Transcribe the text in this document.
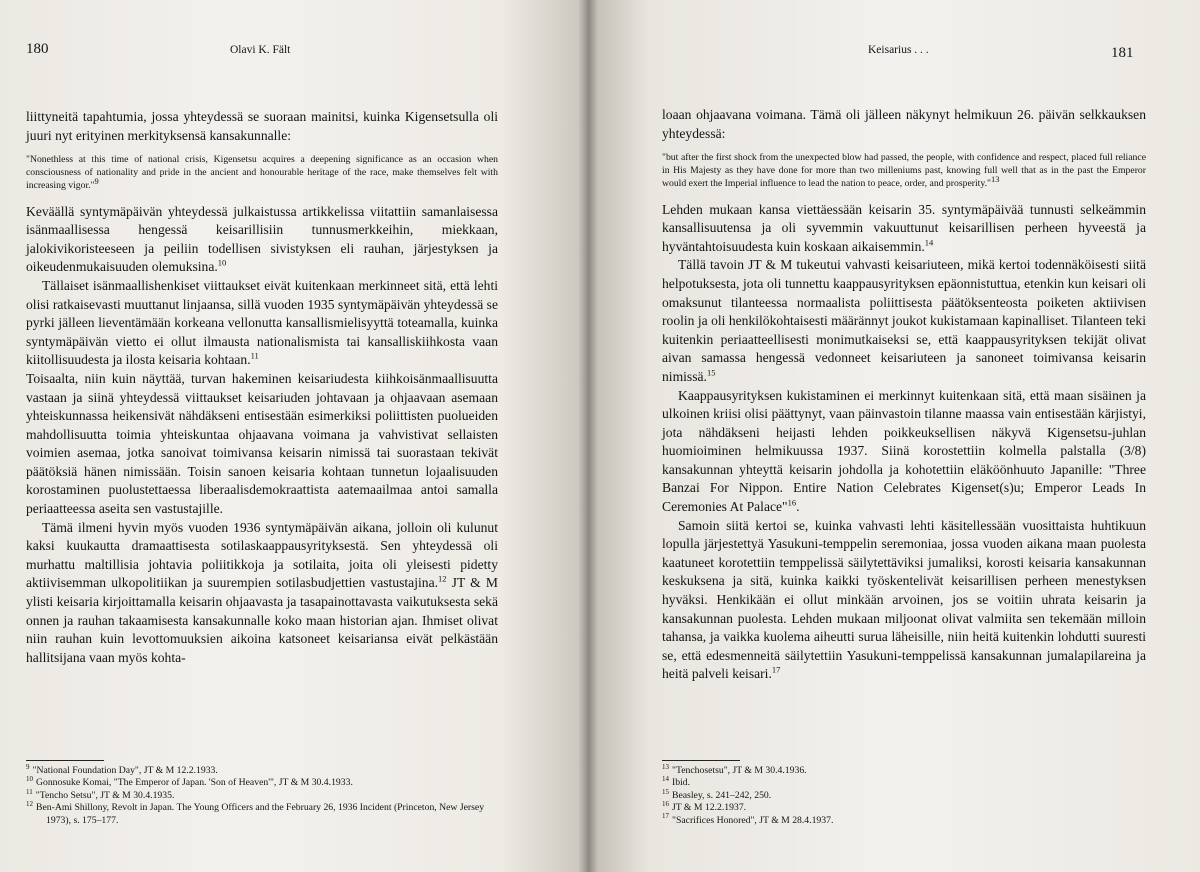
180	Olavi K. Fält

liittyneitä tapahtumia, jossa yhteydessä se suoraan mainitsi, kuinka Kigensetsulla oli juuri nyt erityinen merkityksensä kansakunnalle:

"Nonethless at this time of national crisis, Kigensetsu acquires a deepening significance as an occasion when consciousness of nationality and pride in the ancient and honourable heritage of the race, make themselves felt with increasing vigor."$^9$

Keväällä syntymäpäivän yhteydessä julkaistussa artikkelissa viitattiin samanlaisessa isänmaallisessa hengessä keisarillisiin tunnusmerkkeihin, miekkaan, jalokivikoristeeseen ja peiliin todellisen sivistyksen eli rauhan, järjestyksen ja oikeudenmukaisuuden olemuksina.$^{10}$

Tällaiset isänmaallishenkiset viittaukset eivät kuitenkaan merkinneet sitä, että lehti olisi ratkaisevasti muuttanut linjaansa, sillä vuoden 1935 syntymäpäivän yhteydessä se pyrki jälleen lieventämään korkeana vellonutta kansallismielisyyttä toteamalla, kuinka syntymäpäivän vietto ei ollut ilmausta nationalismista tai kansalliskiihkosta vaan kiitollisuudesta ja ilosta keisaria kohtaan.$^{11}$

Toisaalta, niin kuin näyttää, turvan hakeminen keisariudesta kiihkoisänmaallisuutta vastaan ja siinä yhteydessä viittaukset keisariuden johtavaan ja ohjaavaan asemaan yhteiskunnassa heikensivät nähdäkseni entisestään esimerkiksi poliittisten puolueiden mahdollisuutta toimia yhteiskuntaa ohjaavana voimana ja vahvistivat sellaisten voimien asemaa, jotka sanoivat toimivansa keisarin nimissä tai suorastaan tekivät päätöksiä hänen nimissään. Toisin sanoen keisaria kohtaan tunnetun lojaalisuuden korostaminen puolustettaessa liberaalisdemokraattista aatemaailmaa antoi samalla periaatteessa aseita sen vastustajille.

Tämä ilmeni hyvin myös vuoden 1936 syntymäpäivän aikana, jolloin oli kulunut kaksi kuukautta dramaattisesta sotilaskaappausyrityksestä. Sen yhteydessä oli murhattu maltillisia johtavia poliitikkoja ja sotilaita, joita oli yleisesti pidetty aktiivisemman ulkopolitiikan ja suurempien sotilasbudjettien vastustajina.$^{12}$ JT & M ylisti keisaria kirjoittamalla keisarin ohjaavasta ja tasapainottavasta vaikutuksesta sekä onnen ja rauhan takaamisesta kansakunnalle koko maan historian ajan. Ihmiset olivat niin rauhan kuin levottomuuksien aikoina katsoneet keisariansa eivät pelkästään hallitsijana vaan myös kohta-

$^9$ "National Foundation Day", JT & M 12.2.1933.
$^{10}$ Gonnosuke Komai, "The Emperor of Japan. 'Son of Heaven'", JT & M 30.4.1933.
$^{11}$ "Tencho Setsu", JT & M 30.4.1935.
$^{12}$ Ben-Ami Shillony, Revolt in Japan. The Young Officers and the February 26, 1936 Incident (Princeton, New Jersey 1973), s. 175–177.
Keisarius . . .	181

loaan ohjaavana voimana. Tämä oli jälleen näkynyt helmikuun 26. päivän selkkauksen yhteydessä:

"but after the first shock from the unexpected blow had passed, the people, with confidence and respect, placed full reliance in His Majesty as they have done for more than two milleniums past, knowing full well that as in the past the Emperor would exert the Imperial influence to lead the nation to peace, order, and prosperity."$^{13}$

Lehden mukaan kansa viettäessään keisarin 35. syntymäpäivää tunnusti selkeämmin kansallisuutensa ja oli syvemmin vakuuttunut keisarillisen perheen hyveestä ja hyväntahtoisuudesta kuin koskaan aikaisemmin.$^{14}$

Tällä tavoin JT & M tukeutui vahvasti keisariuteen, mikä kertoi todennäköisesti siitä helpotuksesta, jota oli tunnettu kaappausyrityksen epäonnistuttua, etenkin kun keisari oli omaksunut tilanteessa normaalista poliittisesta päätöksenteosta poiketen aktiivisen roolin ja oli henkilökohtaisesti määrännyt joukot kukistamaan kapinalliset. Tilanteen teki kuitenkin periaatteellisesti monimutkaiseksi se, että kaappausyrityksen tekijät olivat aivan samassa hengessä vedonneet keisariuteen ja sanoneet toimivansa keisarin nimissä.$^{15}$

Kaappausyrityksen kukistaminen ei merkinnyt kuitenkaan sitä, että maan sisäinen ja ulkoinen kriisi olisi päättynyt, vaan päinvastoin tilanne maassa vain entisestään kärjistyi, jota nähdäkseni heijasti lehden poikkeuksellisen näkyvä Kigensetsu-juhlan huomioiminen helmikuussa 1937. Siinä korostettiin kolmella palstalla (3/8) kansakunnan yhteyttä keisarin johdolla ja kohotettiin eläköönhuuto Japanille: "Three Banzai For Nippon. Entire Nation Celebrates Kigenset(s)u; Emperor Leads In Ceremonies At Palace"$^{16}$.

Samoin siitä kertoi se, kuinka vahvasti lehti käsitellessään vuosittaista huhtikuun lopulla järjestettyä Yasukuni-temppelin seremoniaa, jossa vuoden aikana maan puolesta kaatuneet korotettiin temppelissä säilytettäviksi jumaliksi, korosti keisaria kansakunnan keskuksena ja sitä, kuinka kaikki työskentelivät keisarillisen perheen menestyksen hyväksi. Henkikään ei ollut minkään arvoinen, jos se voitiin uhrata keisarin ja kansakunnan puolesta. Lehden mukaan miljoonat olivat valmiita sen tekemään milloin tahansa, ja vaikka kuolema aiheutti surua läheisille, niin heitä kuitenkin lohdutti suuresti se, että edesmenneitä säilytettiin Yasukuni-temppelissä kansakunnan jumalapilareina ja heitä palveli keisari.$^{17}$

$^{13}$ "Tenchosetsu", JT & M 30.4.1936.
$^{14}$ Ibid.
$^{15}$ Beasley, s. 241–242, 250.
$^{16}$ JT & M 12.2.1937.
$^{17}$ "Sacrifices Honored", JT & M 28.4.1937.
